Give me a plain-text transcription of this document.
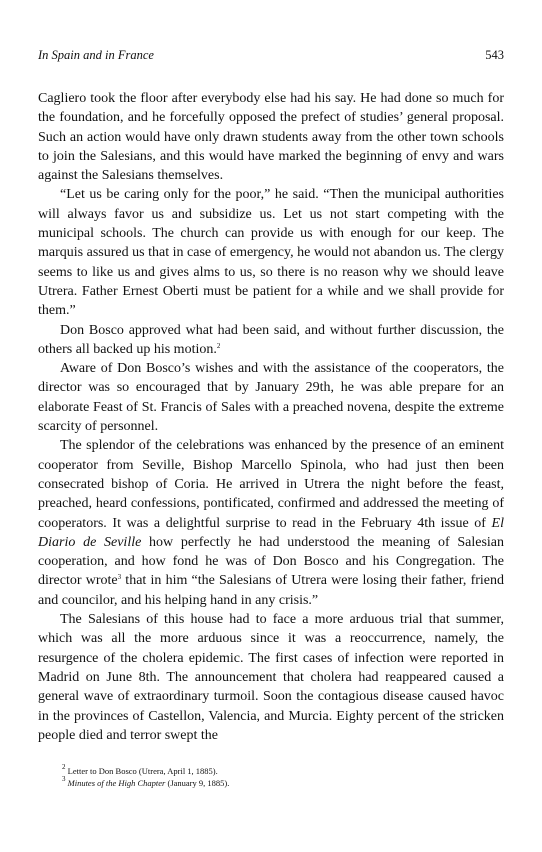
In Spain and in France	543

Cagliero took the floor after everybody else had his say. He had done so much for the foundation, and he forcefully opposed the prefect of studies’ general proposal. Such an action would have only drawn students away from the other town schools to join the Salesians, and this would have marked the beginning of envy and wars against the Salesians themselves.

“Let us be caring only for the poor,” he said. “Then the municipal authorities will always favor us and subsidize us. Let us not start competing with the municipal schools. The church can provide us with enough for our keep. The marquis assured us that in case of emergency, he would not abandon us. The clergy seems to like us and gives alms to us, so there is no reason why we should leave Utrera. Father Ernest Oberti must be patient for a while and we shall provide for them.”

Don Bosco approved what had been said, and without further discussion, the others all backed up his motion.$^2$

Aware of Don Bosco’s wishes and with the assistance of the cooperators, the director was so encouraged that by January 29th, he was able prepare for an elaborate Feast of St. Francis of Sales with a preached novena, despite the extreme scarcity of personnel.

The splendor of the celebrations was enhanced by the presence of an eminent cooperator from Seville, Bishop Marcello Spinola, who had just then been consecrated bishop of Coria. He arrived in Utrera the night before the feast, preached, heard confessions, pontificated, confirmed and addressed the meeting of cooperators. It was a delightful surprise to read in the February 4th issue of El Diario de Seville how perfectly he had understood the meaning of Salesian cooperation, and how fond he was of Don Bosco and his Congregation. The director wrote$^3$ that in him “the Salesians of Utrera were losing their father, friend and councilor, and his helping hand in any crisis.”

The Salesians of this house had to face a more arduous trial that summer, which was all the more arduous since it was a reoccurrence, namely, the resurgence of the cholera epidemic. The first cases of infection were reported in Madrid on June 8th. The announcement that cholera had reappeared caused a general wave of extraordinary turmoil. Soon the contagious disease caused havoc in the provinces of Castellon, Valencia, and Murcia. Eighty percent of the stricken people died and terror swept the

$^2$ Letter to Don Bosco (Utrera, April 1, 1885).

$^3$ Minutes of the High Chapter (January 9, 1885).
